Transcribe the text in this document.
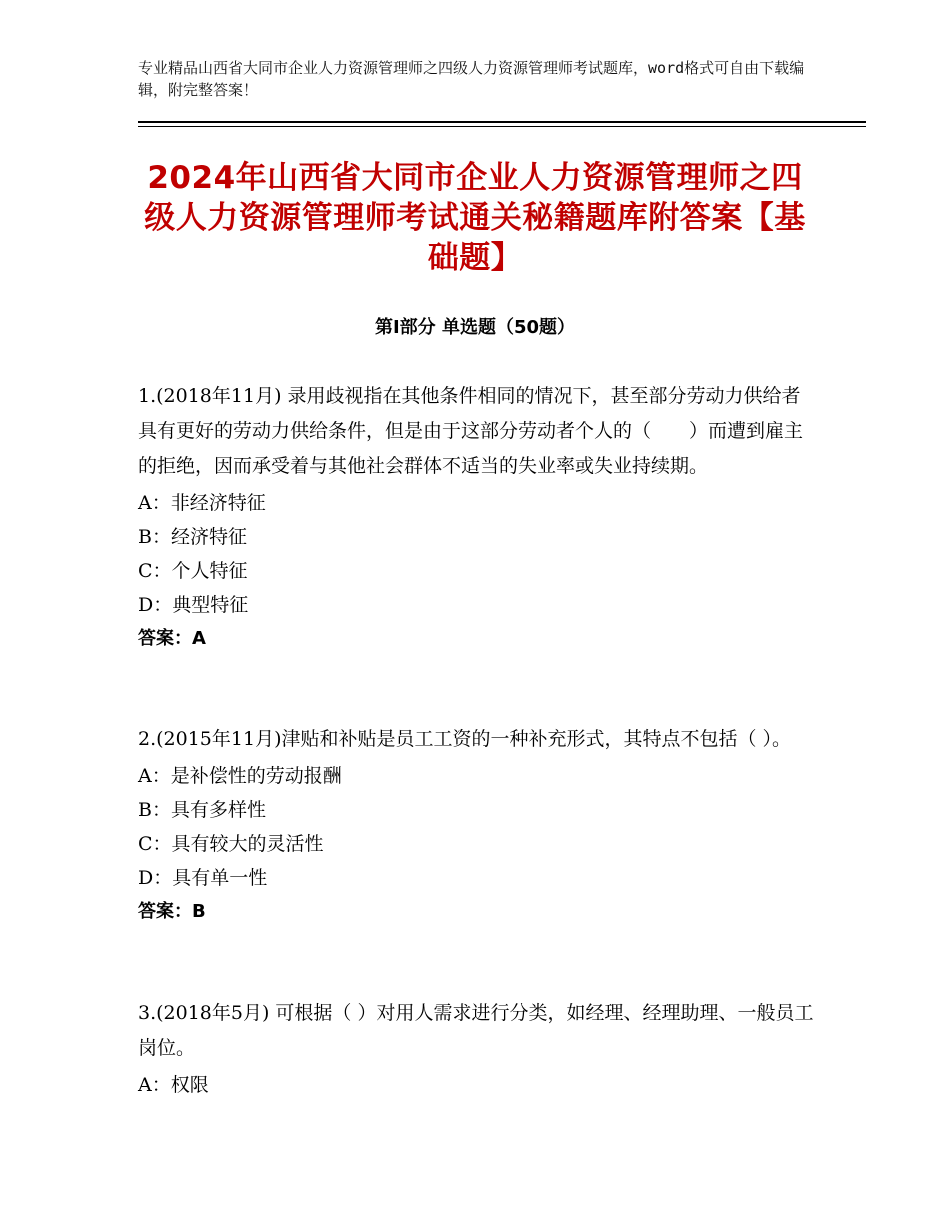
专业精品山西省大同市企业人力资源管理师之四级人力资源管理师考试题库，word格式可自由下载编辑，附完整答案！
2024年山西省大同市企业人力资源管理师之四级人力资源管理师考试通关秘籍题库附答案【基础题】
第Ⅰ部分 单选题（50题）

1.(2018年11月) 录用歧视指在其他条件相同的情况下，甚至部分劳动力供给者具有更好的劳动力供给条件，但是由于这部分劳动者个人的（　　）而遭到雇主的拒绝，因而承受着与其他社会群体不适当的失业率或失业持续期。

A：非经济特征

B：经济特征

C：个人特征

D：典型特征

答案：A

2.(2015年11月)津贴和补贴是员工工资的一种补充形式，其特点不包括（ ）。

A：是补偿性的劳动报酬

B：具有多样性

C：具有较大的灵活性

D：具有单一性

答案：B

3.(2018年5月) 可根据（ ）对用人需求进行分类，如经理、经理助理、一般员工岗位。

A：权限
